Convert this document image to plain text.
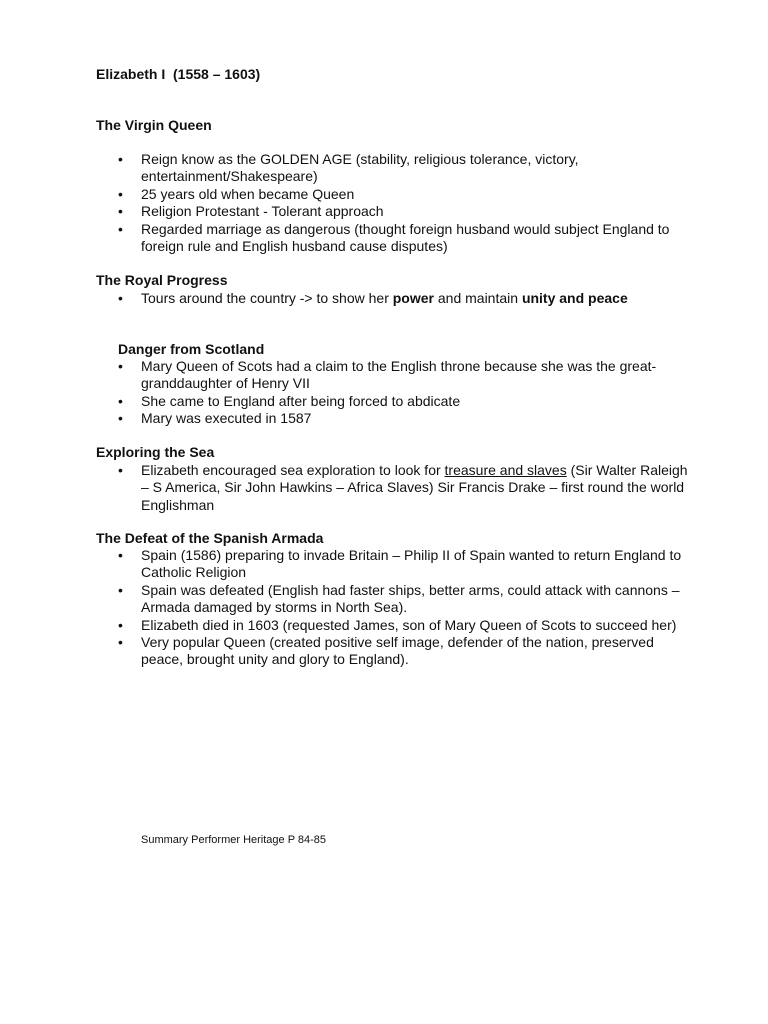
Elizabeth I  (1558 – 1603)
The Virgin Queen
• Reign know as the GOLDEN AGE (stability, religious tolerance, victory, entertainment/Shakespeare)
• 25 years old when became Queen
• Religion Protestant - Tolerant approach
• Regarded marriage as dangerous (thought foreign husband would subject England to foreign rule and English husband cause disputes)
The Royal Progress
• Tours around the country -> to show her power and maintain unity and peace
Danger from Scotland
• Mary Queen of Scots had a claim to the English throne because she was the great-granddaughter of Henry VII
• She came to England after being forced to abdicate
• Mary was executed in 1587
Exploring the Sea
• Elizabeth encouraged sea exploration to look for treasure and slaves (Sir Walter Raleigh – S America, Sir John Hawkins – Africa Slaves) Sir Francis Drake – first round the world Englishman
The Defeat of the Spanish Armada
• Spain (1586) preparing to invade Britain – Philip II of Spain wanted to return England to Catholic Religion
• Spain was defeated (English had faster ships, better arms, could attack with cannons – Armada damaged by storms in North Sea).
• Elizabeth died in 1603 (requested James, son of Mary Queen of Scots to succeed her)
• Very popular Queen (created positive self image, defender of the nation, preserved peace, brought unity and glory to England).
Summary Performer Heritage P 84-85
